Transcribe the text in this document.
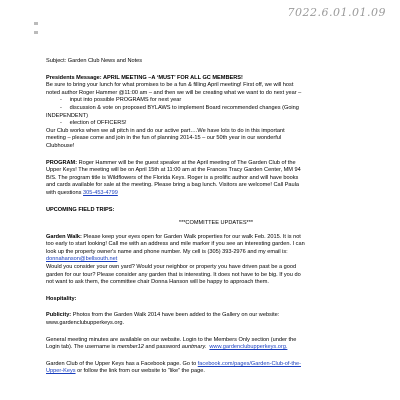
7022.6.01.01.09

Subject: Garden Club News and Notes

Presidents Message: APRIL MEETING –A ‘MUST’ FOR ALL GC MEMBERS!

Be sure to bring your lunch for what promises to be a fun & filling April meeting! First off, we will host

noted author Roger Hammer @11:00 am – and then we will be creating what we want to do next year –

-     input into possible PROGRAMS for next year

-     discussion & vote on proposed BYLAWS to implement Board recommended changes (Going

INDEPENDENT)

-     election of OFFICERS!

Our Club works when we all pitch in and do our active part….We have lots to do in this important

meeting – please come and join in the fun of planning 2014-15 – our 50th year in our wonderful

Clubhouse!

PROGRAM: Roger Hammer will be the guest speaker at the April meeting of The Garden Club of the

Upper Keys! The meeting will be on April 15th at 11:00 am at the Frances Tracy Garden Center, MM 94

B/S. The program title is Wildflowers of the Florida Keys. Roger is a prolific author and will have books

and cards available for sale at the meeting. Please bring a bag lunch. Visitors are welcome! Call Paula

with questions 305-453-4799

UPCOMING FIELD TRIPS:

***COMMITTEE UPDATES***

Garden Walk: Please keep your eyes open for Garden Walk properties for our walk Feb. 2015. It is not

too early to start looking! Call me with an address and mile marker if you see an interesting garden. I can

look up the property owner's name and phone number. My cell is (305) 393-2976 and my email is:

donnahanson@bellsouth.net

Would you consider your own yard? Would your neighbor or property you have driven past be a good

garden for our tour? Please consider any garden that is interesting. It does not have to be big. If you do

not want to ask them, the committee chair Donna Hanson will be happy to approach them.

Hospitality:

Publicity: Photos from the Garden Walk 2014 have been added to the Gallery on our website:

www.gardenclubupperkeys.org.

General meeting minutes are available on our website. Login to the Members Only section (under the

Login tab). The username is member12 and password auntmary. www.gardenclubupperkeys.org.

Garden Club of the Upper Keys has a Facebook page. Go to facebook.com/pages/Garden-Club-of-the-

Upper-Keys or follow the link from our website to “like” the page.
